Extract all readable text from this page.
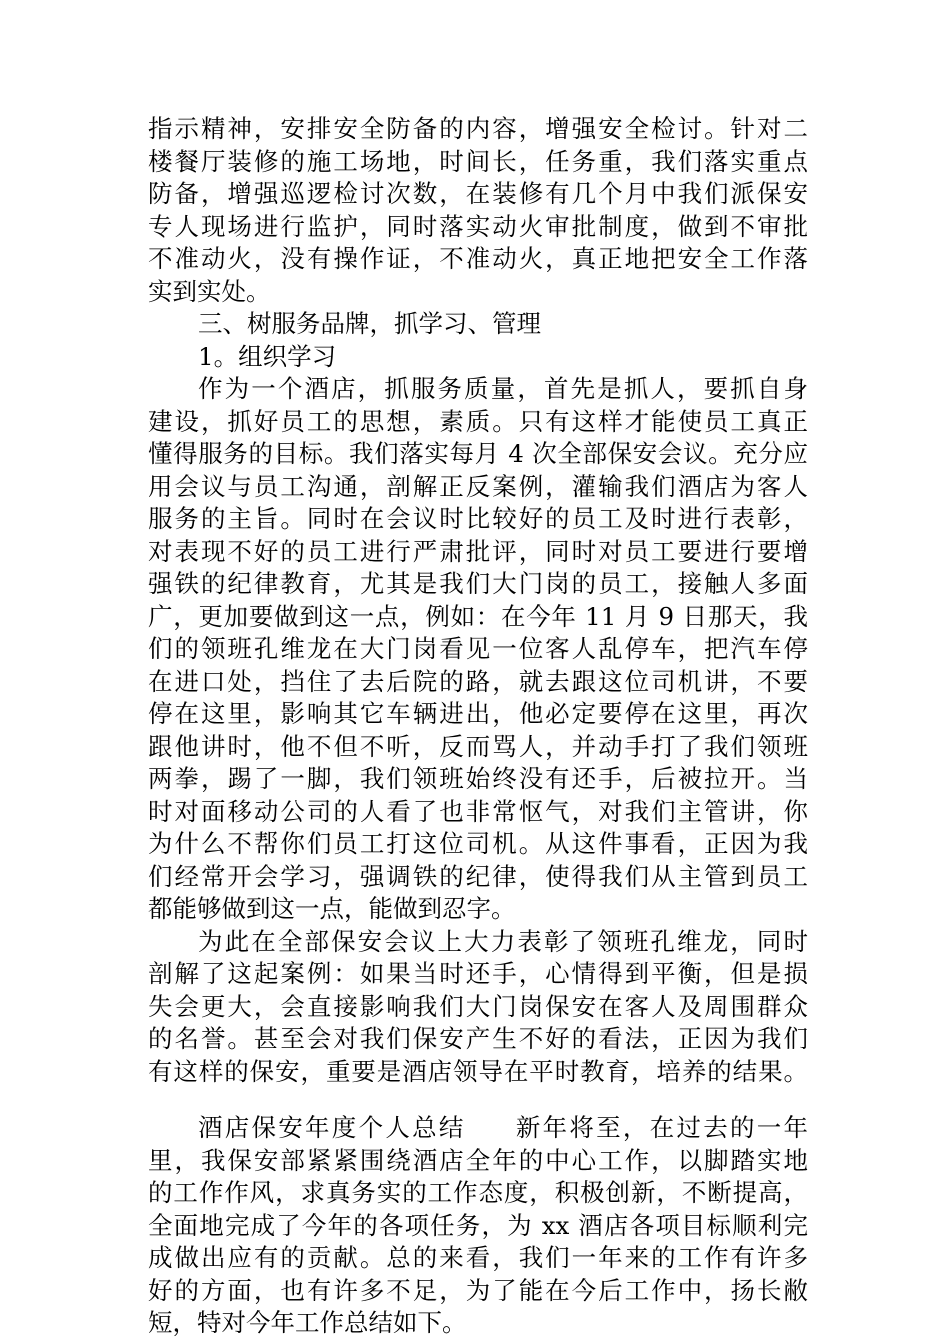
指示精神，安排安全防备的内容，增强安全检讨。针对二
楼餐厅装修的施工场地，时间长，任务重，我们落实重点
防备，增强巡逻检讨次数，在装修有几个月中我们派保安
专人现场进行监护，同时落实动火审批制度，做到不审批
不准动火，没有操作证，不准动火，真正地把安全工作落
实到实处。
三、树服务品牌，抓学习、管理
1。组织学习
作为一个酒店，抓服务质量，首先是抓人，要抓自身
建设，抓好员工的思想，素质。只有这样才能使员工真正
懂得服务的目标。我们落实每月 4 次全部保安会议。充分应
用会议与员工沟通，剖解正反案例，灌输我们酒店为客人
服务的主旨。同时在会议时比较好的员工及时进行表彰，
对表现不好的员工进行严肃批评，同时对员工要进行要增
强铁的纪律教育，尤其是我们大门岗的员工，接触人多面
广，更加要做到这一点，例如：在今年 11 月 9 日那天，我
们的领班孔维龙在大门岗看见一位客人乱停车，把汽车停
在进口处，挡住了去后院的路，就去跟这位司机讲，不要
停在这里，影响其它车辆进出，他必定要停在这里，再次
跟他讲时，他不但不听，反而骂人，并动手打了我们领班
两拳，踢了一脚，我们领班始终没有还手，后被拉开。当
时对面移动公司的人看了也非常怄气，对我们主管讲，你
为什么不帮你们员工打这位司机。从这件事看，正因为我
们经常开会学习，强调铁的纪律，使得我们从主管到员工
都能够做到这一点，能做到忍字。
为此在全部保安会议上大力表彰了领班孔维龙，同时
剖解了这起案例：如果当时还手，心情得到平衡，但是损
失会更大，会直接影响我们大门岗保安在客人及周围群众
的名誉。甚至会对我们保安产生不好的看法，正因为我们
有这样的保安，重要是酒店领导在平时教育，培养的结果。
酒店保安年度个人总结 新年将至，在过去的一年
里，我保安部紧紧围绕酒店全年的中心工作，以脚踏实地
的工作作风，求真务实的工作态度，积极创新，不断提高，
全面地完成了今年的各项任务，为 xx 酒店各项目标顺利完
成做出应有的贡献。总的来看，我们一年来的工作有许多
好的方面，也有许多不足，为了能在今后工作中，扬长敝
短，特对今年工作总结如下。
